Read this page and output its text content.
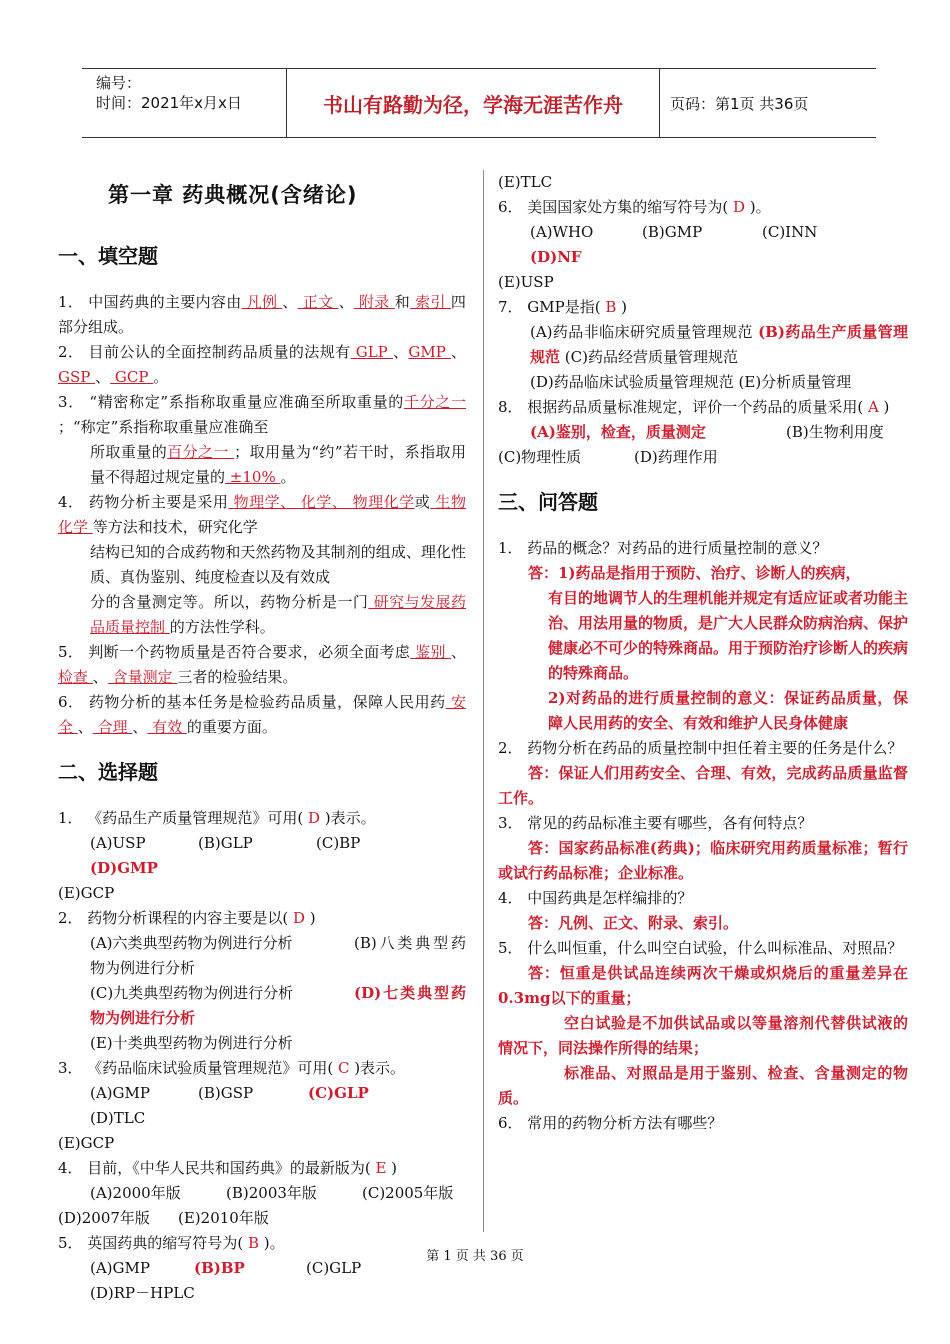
编号：
时间：2021年x月x日	书山有路勤为径，学海无涯苦作舟	页码：第1页 共36页
第一章 药典概况(含绪论)
一、填空题

1． 中国药典的主要内容由 凡例 、 正文 、 附录 和 索引 四部分组成。

2． 目前公认的全面控制药品质量的法规有 GLP 、GMP 、 GSP 、 GCP 。

3． “精密称定”系指称取重量应准确至所取重量的千分之一 ；“称定”系指称取重量应准确至

所取重量的百分之一 ；取用量为“约”若干时，系指取用量不得超过规定量的 ±10% 。

4． 药物分析主要是采用 物理学、 化学、 物理化学或 生物化学 等方法和技术，研究化学

结构已知的合成药物和天然药物及其制剂的组成、理化性质、真伪鉴别、纯度检查以及有效成

分的含量测定等。所以，药物分析是一门 研究与发展药品质量控制 的方法性学科。

5． 判断一个药物质量是否符合要求，必须全面考虑 鉴别 、 检查 、 含量测定 三者的检验结果。

6． 药物分析的基本任务是检验药品质量，保障人民用药 安全 、 合理 、 有效 的重要方面。

二、选择题

1． 《药品生产质量管理规范》可用( D )表示。

(A)USP	(B)GLP	(C)BP(D)GMP

(E)GCP

2． 药物分析课程的内容主要是以( D )

(A)六类典型药物为例进行分析	(B)八类典型药物为例进行分析

(C)九类典型药物为例进行分析	(D)七类典型药物为例进行分析

(E)十类典型药物为例进行分析

3． 《药品临床试验质量管理规范》可用( C )表示。

(A)GMP	(B)GSP	(C)GLP(D)TLC

(E)GCP

4． 目前，《中华人民共和国药典》的最新版为( E )

(A)2000年版	(B)2003年版	(C)2005年版

(D)2007年版 (E)2010年版

5． 英国药典的缩写符号为( B )。

(A)GMP	(B)BP	(C)GLP(D)RP－HPLC

(E)TLC

6． 美国国家处方集的缩写符号为( D )。

(A)WHO	(B)GMP	(C)INN(D)NF

(E)USP

7． GMP是指( B )

(A)药品非临床研究质量管理规范 (B)药品生产质量管理规范 (C)药品经营质量管理规范

(D)药品临床试验质量管理规范 (E)分析质量管理

8． 根据药品质量标准规定，评价一个药品的质量采用( A )

(A)鉴别，检查，质量测定	(B)生物利用度

(C)物理性质	(D)药理作用

三、问答题

1． 药品的概念？对药品的进行质量控制的意义？

答：1)药品是指用于预防、治疗、诊断人的疾病，

有目的地调节人的生理机能并规定有适应证或者功能主治、用法用量的物质，是广大人民群众防病治病、保护健康必不可少的特殊商品。用于预防治疗诊断人的疾病的特殊商品。

2)对药品的进行质量控制的意义：保证药品质量，保障人民用药的安全、有效和维护人民身体健康

2． 药物分析在药品的质量控制中担任着主要的任务是什么？

答：保证人们用药安全、合理、有效，完成药品质量监督工作。

3． 常见的药品标准主要有哪些，各有何特点？

答：国家药品标准(药典)；临床研究用药质量标准；暂行或试行药品标准；企业标准。

4． 中国药典是怎样编排的？

答：凡例、正文、附录、索引。

5． 什么叫恒重，什么叫空白试验，什么叫标准品、对照品？

答：恒重是供试品连续两次干燥或炽烧后的重量差异在0.3mg以下的重量；

空白试验是不加供试品或以等量溶剂代替供试液的情况下，同法操作所得的结果；

标准品、对照品是用于鉴别、检查、含量测定的物质。

6． 常用的药物分析方法有哪些？

第 1 页 共 36 页
